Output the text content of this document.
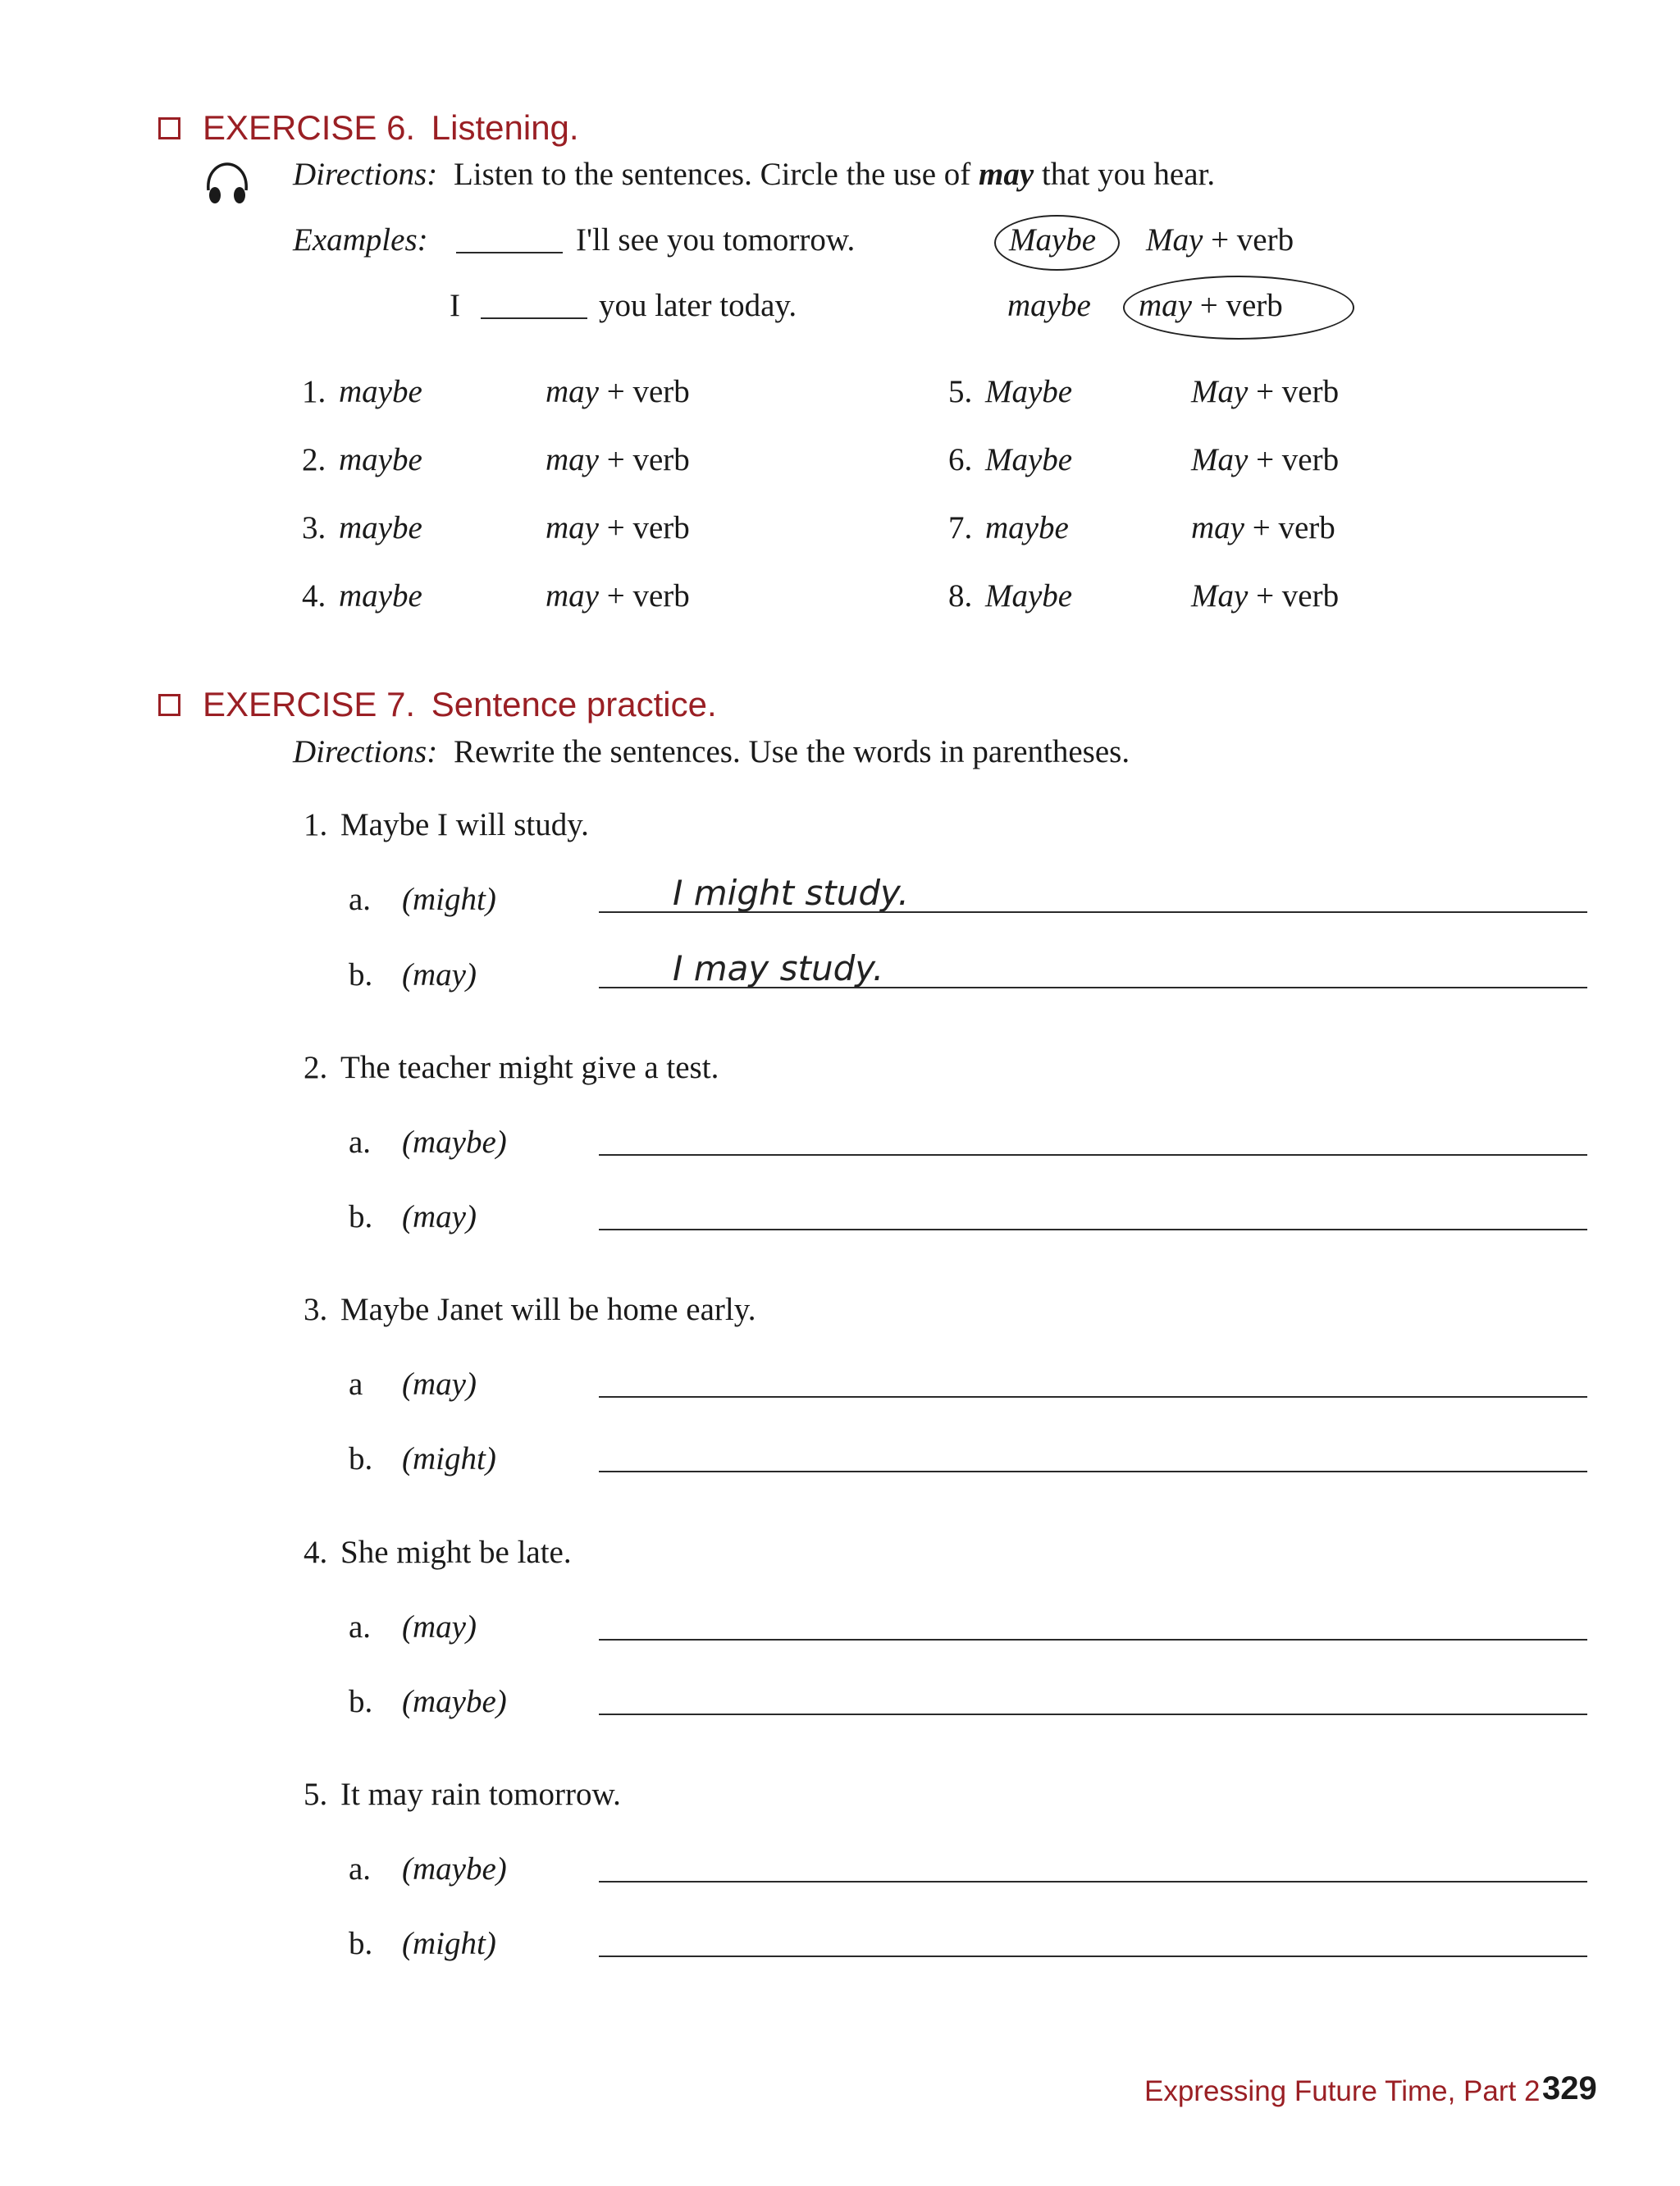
EXERCISE 6. Listening.
Directions: Listen to the sentences. Circle the use of may that you hear.
Examples:	I'll see you tomorrow.	Maybe May + verb
I	you later today.	maybe may + verb
1. maybe	may + verb
2. maybe	may + verb
3. maybe	may + verb
4. maybe	may + verb
5. Maybe	May + verb
6. Maybe	May + verb
7. maybe	may + verb
8. Maybe	May + verb
EXERCISE 7. Sentence practice.
Directions: Rewrite the sentences. Use the words in parentheses.
1. Maybe I will study.
a. (might)	I might study.
b. (may)	I may study.
2. The teacher might give a test.
a. (maybe)
b. (may)
3. Maybe Janet will be home early.
a (may)
b. (might)
4. She might be late.
a. (may)
b. (maybe)
5. It may rain tomorrow.
a. (maybe)
b. (might)
Expressing Future Time, Part 2 329
